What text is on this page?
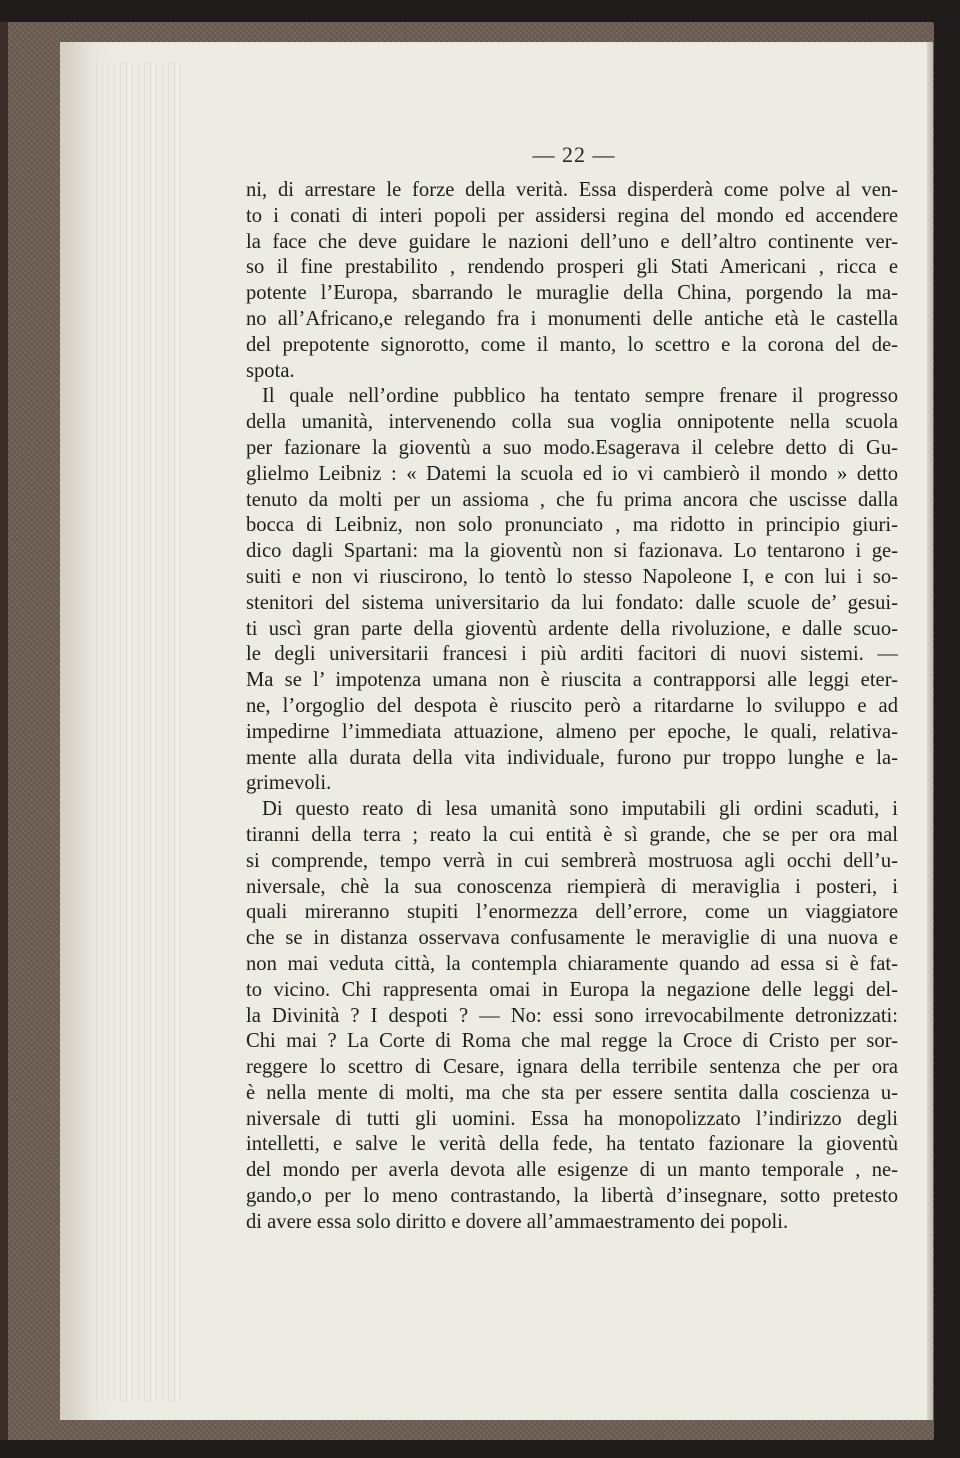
— 22 —
ni, di arrestare le forze della verità. Essa disperderà come polve al ven-
to i conati di interi popoli per assidersi regina del mondo ed accendere
la face che deve guidare le nazioni dell’uno e dell’altro continente ver-
so il fine prestabilito , rendendo prosperi gli Stati Americani , ricca e
potente l’Europa, sbarrando le muraglie della China, porgendo la ma-
no all’Africano,e relegando fra i monumenti delle antiche età le castella
del prepotente signorotto, come il manto, lo scettro e la corona del de-
spota.
Il quale nell’ordine pubblico ha tentato sempre frenare il progresso
della umanità, intervenendo colla sua voglia onnipotente nella scuola
per fazionare la gioventù a suo modo.Esagerava il celebre detto di Gu-
glielmo Leibniz : « Datemi la scuola ed io vi cambierò il mondo » detto
tenuto da molti per un assioma , che fu prima ancora che uscisse dalla
bocca di Leibniz, non solo pronunciato , ma ridotto in principio giuri-
dico dagli Spartani: ma la gioventù non si fazionava. Lo tentarono i ge-
suiti e non vi riuscirono, lo tentò lo stesso Napoleone I, e con lui i so-
stenitori del sistema universitario da lui fondato: dalle scuole de’ gesui-
ti uscì gran parte della gioventù ardente della rivoluzione, e dalle scuo-
le degli universitarii francesi i più arditi facitori di nuovi sistemi. —
Ma se l’ impotenza umana non è riuscita a contrapporsi alle leggi eter-
ne, l’orgoglio del despota è riuscito però a ritardarne lo sviluppo e ad
impedirne l’immediata attuazione, almeno per epoche, le quali, relativa-
mente alla durata della vita individuale, furono pur troppo lunghe e la-
grimevoli.
Di questo reato di lesa umanità sono imputabili gli ordini scaduti, i
tiranni della terra ; reato la cui entità è sì grande, che se per ora mal
si comprende, tempo verrà in cui sembrerà mostruosa agli occhi dell’u-
niversale, chè la sua conoscenza riempierà di meraviglia i posteri, i
quali mireranno stupiti l’enormezza dell’errore, come un viaggiatore
che se in distanza osservava confusamente le meraviglie di una nuova e
non mai veduta città, la contempla chiaramente quando ad essa si è fat-
to vicino. Chi rappresenta omai in Europa la negazione delle leggi del-
la Divinità ? I despoti ? — No: essi sono irrevocabilmente detronizzati:
Chi mai ? La Corte di Roma che mal regge la Croce di Cristo per sor-
reggere lo scettro di Cesare, ignara della terribile sentenza che per ora
è nella mente di molti, ma che sta per essere sentita dalla coscienza u-
niversale di tutti gli uomini. Essa ha monopolizzato l’indirizzo degli
intelletti, e salve le verità della fede, ha tentato fazionare la gioventù
del mondo per averla devota alle esigenze di un manto temporale , ne-
gando,o per lo meno contrastando, la libertà d’insegnare, sotto pretesto
di avere essa solo diritto e dovere all’ammaestramento dei popoli.
